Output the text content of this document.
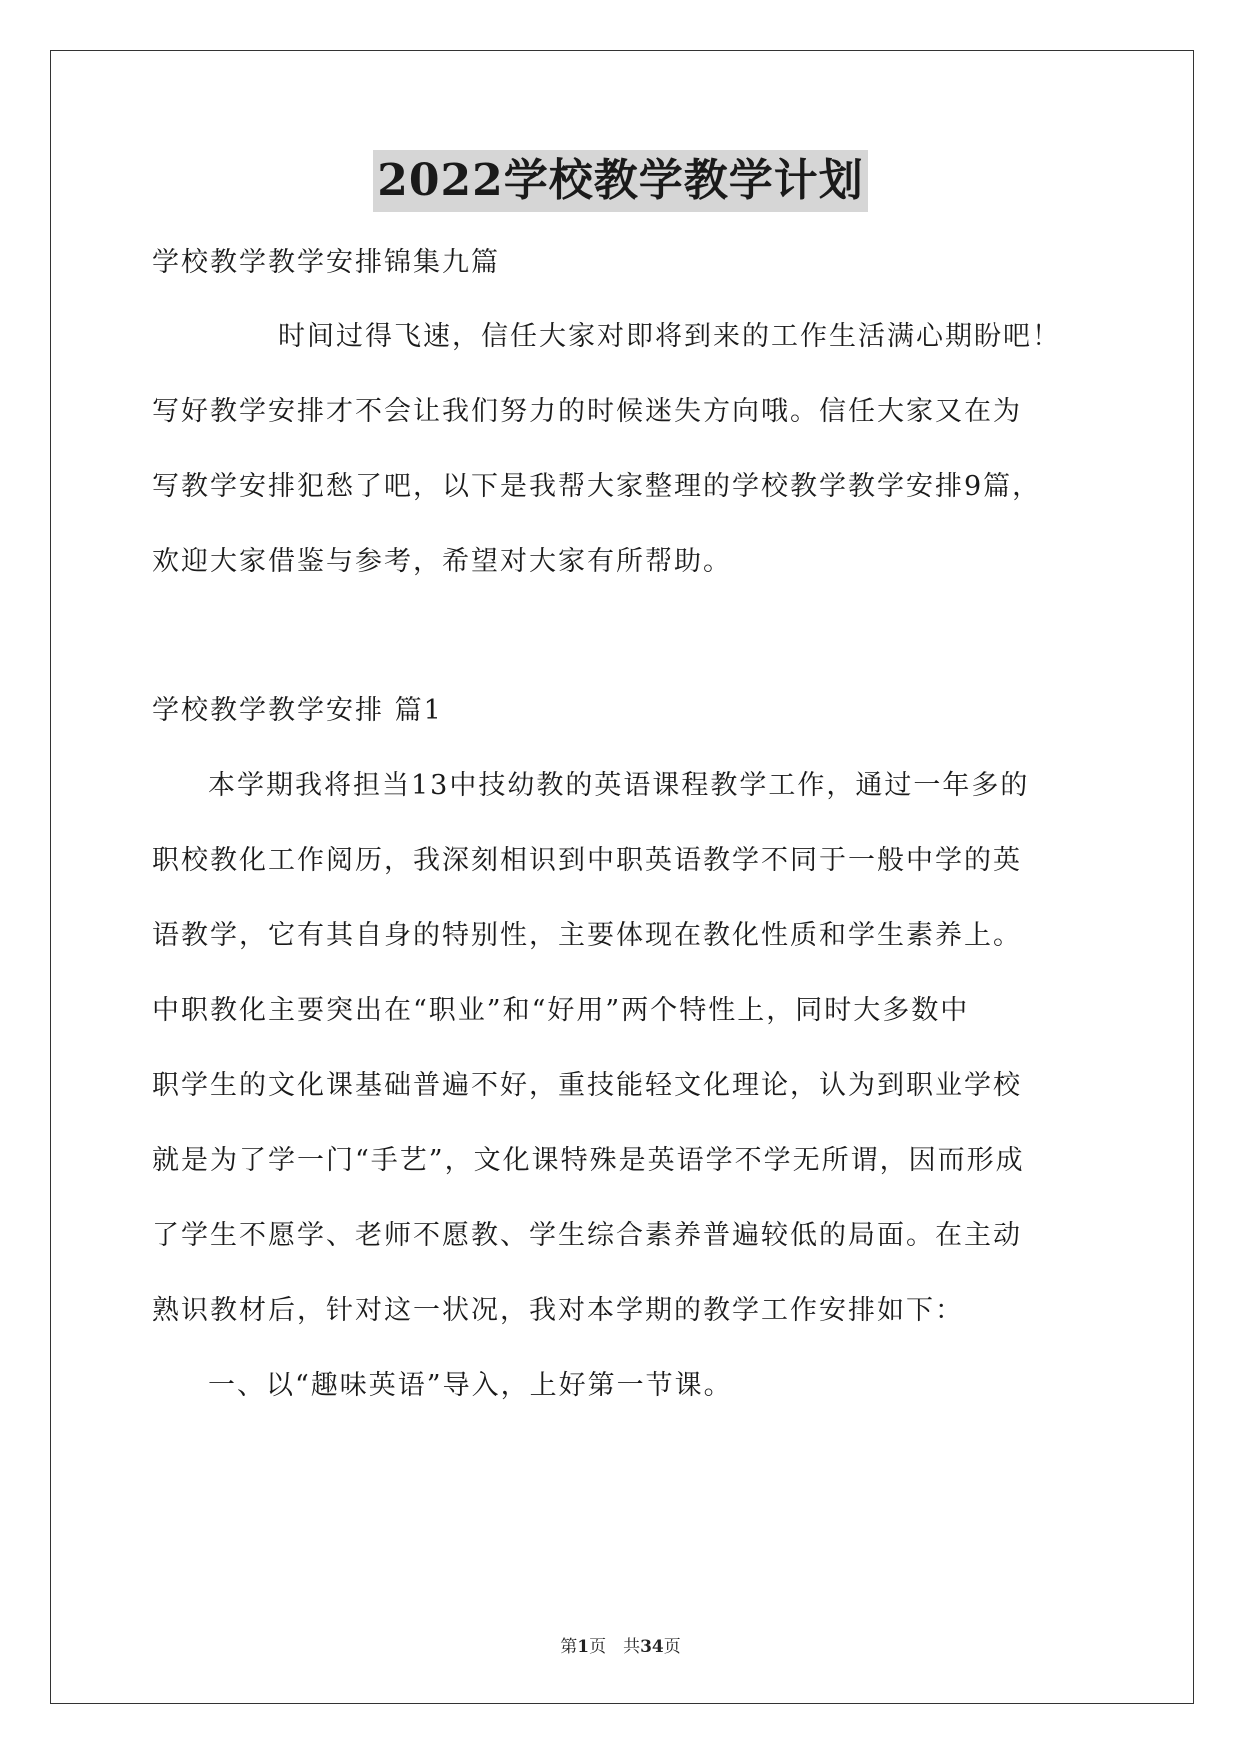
2022学校教学教学计划
学校教学教学安排锦集九篇
时间过得飞速，信任大家对即将到来的工作生活满心期盼吧！
写好教学安排才不会让我们努力的时候迷失方向哦。信任大家又在为
写教学安排犯愁了吧，以下是我帮大家整理的学校教学教学安排9篇，
欢迎大家借鉴与参考，希望对大家有所帮助。
学校教学教学安排 篇1
本学期我将担当13中技幼教的英语课程教学工作，通过一年多的
职校教化工作阅历，我深刻相识到中职英语教学不同于一般中学的英
语教学，它有其自身的特别性，主要体现在教化性质和学生素养上。
中职教化主要突出在“职业”和“好用”两个特性上，同时大多数中
职学生的文化课基础普遍不好，重技能轻文化理论，认为到职业学校
就是为了学一门“手艺”，文化课特殊是英语学不学无所谓，因而形成
了学生不愿学、老师不愿教、学生综合素养普遍较低的局面。在主动
熟识教材后，针对这一状况，我对本学期的教学工作安排如下：
一、以“趣味英语”导入，上好第一节课。
第1页　共34页
